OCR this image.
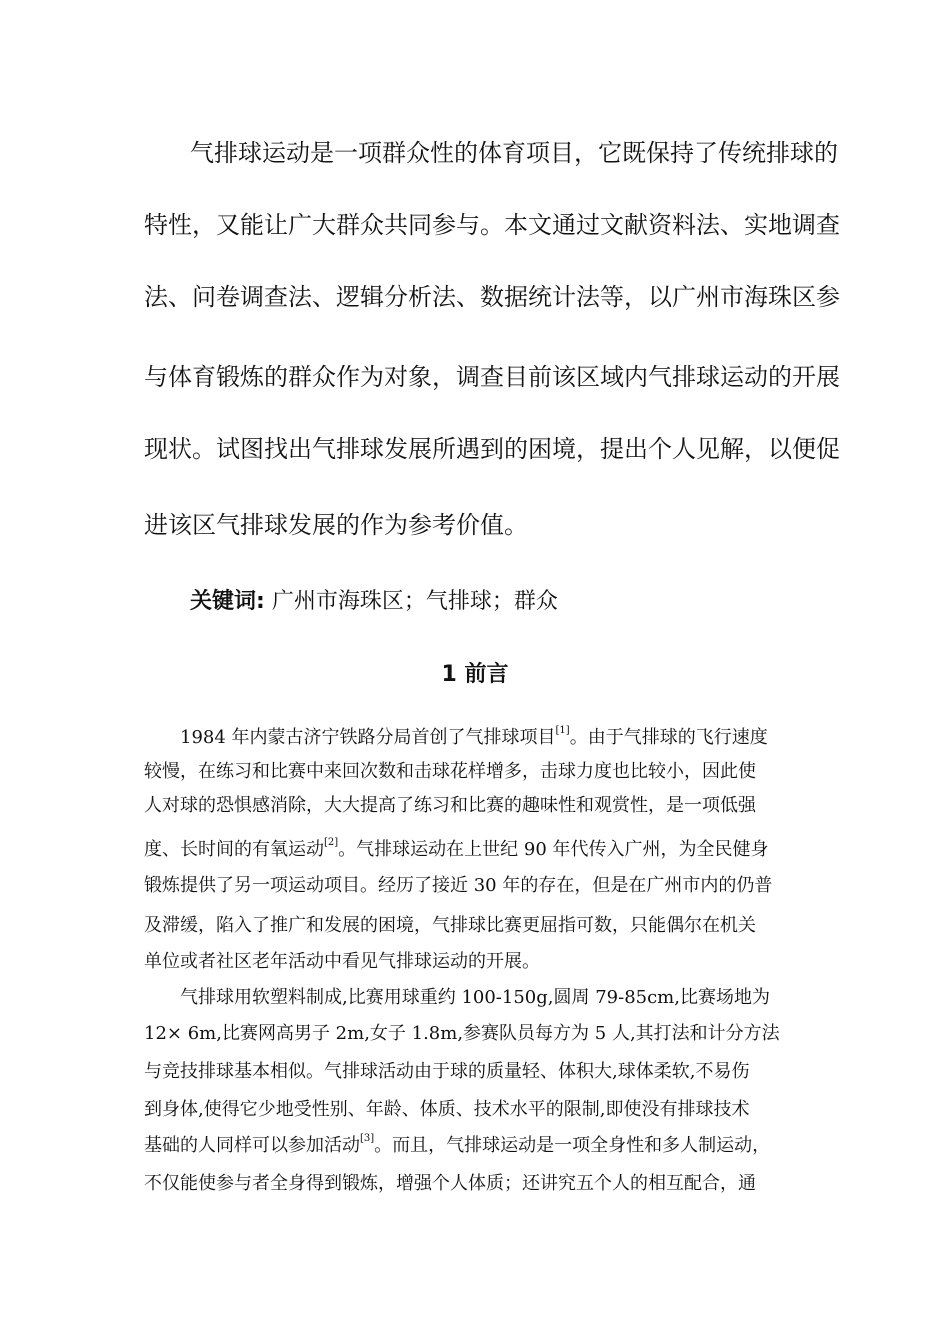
气排球运动是一项群众性的体育项目，它既保持了传统排球的
特性，又能让广大群众共同参与。本文通过文献资料法、实地调查
法、问卷调查法、逻辑分析法、数据统计法等，以广州市海珠区参
与体育锻炼的群众作为对象，调查目前该区域内气排球运动的开展
现状。试图找出气排球发展所遇到的困境，提出个人见解，以便促
进该区气排球发展的作为参考价值。
关键词: 广州市海珠区；气排球；群众
1 前言
1984 年内蒙古济宁铁路分局首创了气排球项目[1]。由于气排球的飞行速度
较慢，在练习和比赛中来回次数和击球花样增多，击球力度也比较小，因此使
人对球的恐惧感消除，大大提高了练习和比赛的趣味性和观赏性，是一项低强
度、长时间的有氧运动[2]。气排球运动在上世纪 90 年代传入广州，为全民健身
锻炼提供了另一项运动项目。经历了接近 30 年的存在，但是在广州市内的仍普
及滞缓，陷入了推广和发展的困境，气排球比赛更屈指可数，只能偶尔在机关
单位或者社区老年活动中看见气排球运动的开展。
气排球用软塑料制成,比赛用球重约 100-150g,圆周 79-85cm,比赛场地为
12× 6m,比赛网高男子 2m,女子 1.8m,参赛队员每方为 5 人,其打法和计分方法
与竞技排球基本相似。气排球活动由于球的质量轻、体积大,球体柔软,不易伤
到身体,使得它少地受性别、年龄、体质、技术水平的限制,即使没有排球技术
基础的人同样可以参加活动[3]。而且，气排球运动是一项全身性和多人制运动，
不仅能使参与者全身得到锻炼，增强个人体质；还讲究五个人的相互配合，通
